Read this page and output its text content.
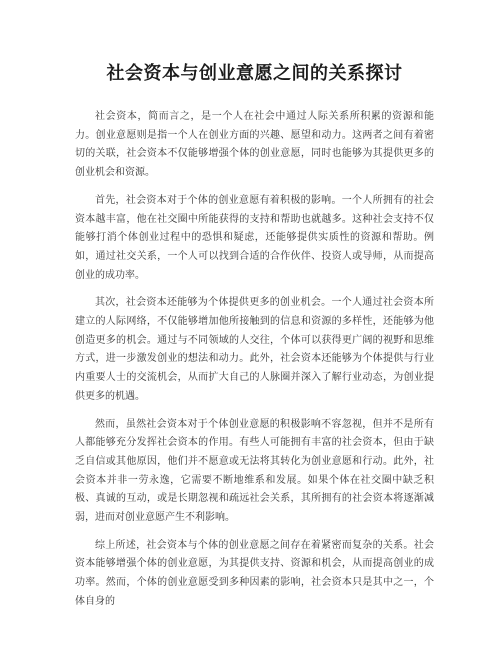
社会资本与创业意愿之间的关系探讨

社会资本，简而言之，是一个人在社会中通过人际关系所积累的资源和能力。创业意愿则是指一个人在创业方面的兴趣、愿望和动力。这两者之间有着密切的关联，社会资本不仅能够增强个体的创业意愿，同时也能够为其提供更多的创业机会和资源。

首先，社会资本对于个体的创业意愿有着积极的影响。一个人所拥有的社会资本越丰富，他在社交圈中所能获得的支持和帮助也就越多。这种社会支持不仅能够打消个体创业过程中的恐惧和疑虑，还能够提供实质性的资源和帮助。例如，通过社交关系，一个人可以找到合适的合作伙伴、投资人或导师，从而提高创业的成功率。

其次，社会资本还能够为个体提供更多的创业机会。一个人通过社会资本所建立的人际网络，不仅能够增加他所接触到的信息和资源的多样性，还能够为他创造更多的机会。通过与不同领域的人交往，个体可以获得更广阔的视野和思维方式，进一步激发创业的想法和动力。此外，社会资本还能够为个体提供与行业内重要人士的交流机会，从而扩大自己的人脉圈并深入了解行业动态，为创业提供更多的机遇。

然而，虽然社会资本对于个体创业意愿的积极影响不容忽视，但并不是所有人都能够充分发挥社会资本的作用。有些人可能拥有丰富的社会资本，但由于缺乏自信或其他原因，他们并不愿意或无法将其转化为创业意愿和行动。此外，社会资本并非一劳永逸，它需要不断地维系和发展。如果个体在社交圈中缺乏积极、真诚的互动，或是长期忽视和疏远社会关系，其所拥有的社会资本将逐渐减弱，进而对创业意愿产生不利影响。

综上所述，社会资本与个体的创业意愿之间存在着紧密而复杂的关系。社会资本能够增强个体的创业意愿，为其提供支持、资源和机会，从而提高创业的成功率。然而，个体的创业意愿受到多种因素的影响，社会资本只是其中之一，个体自身的
